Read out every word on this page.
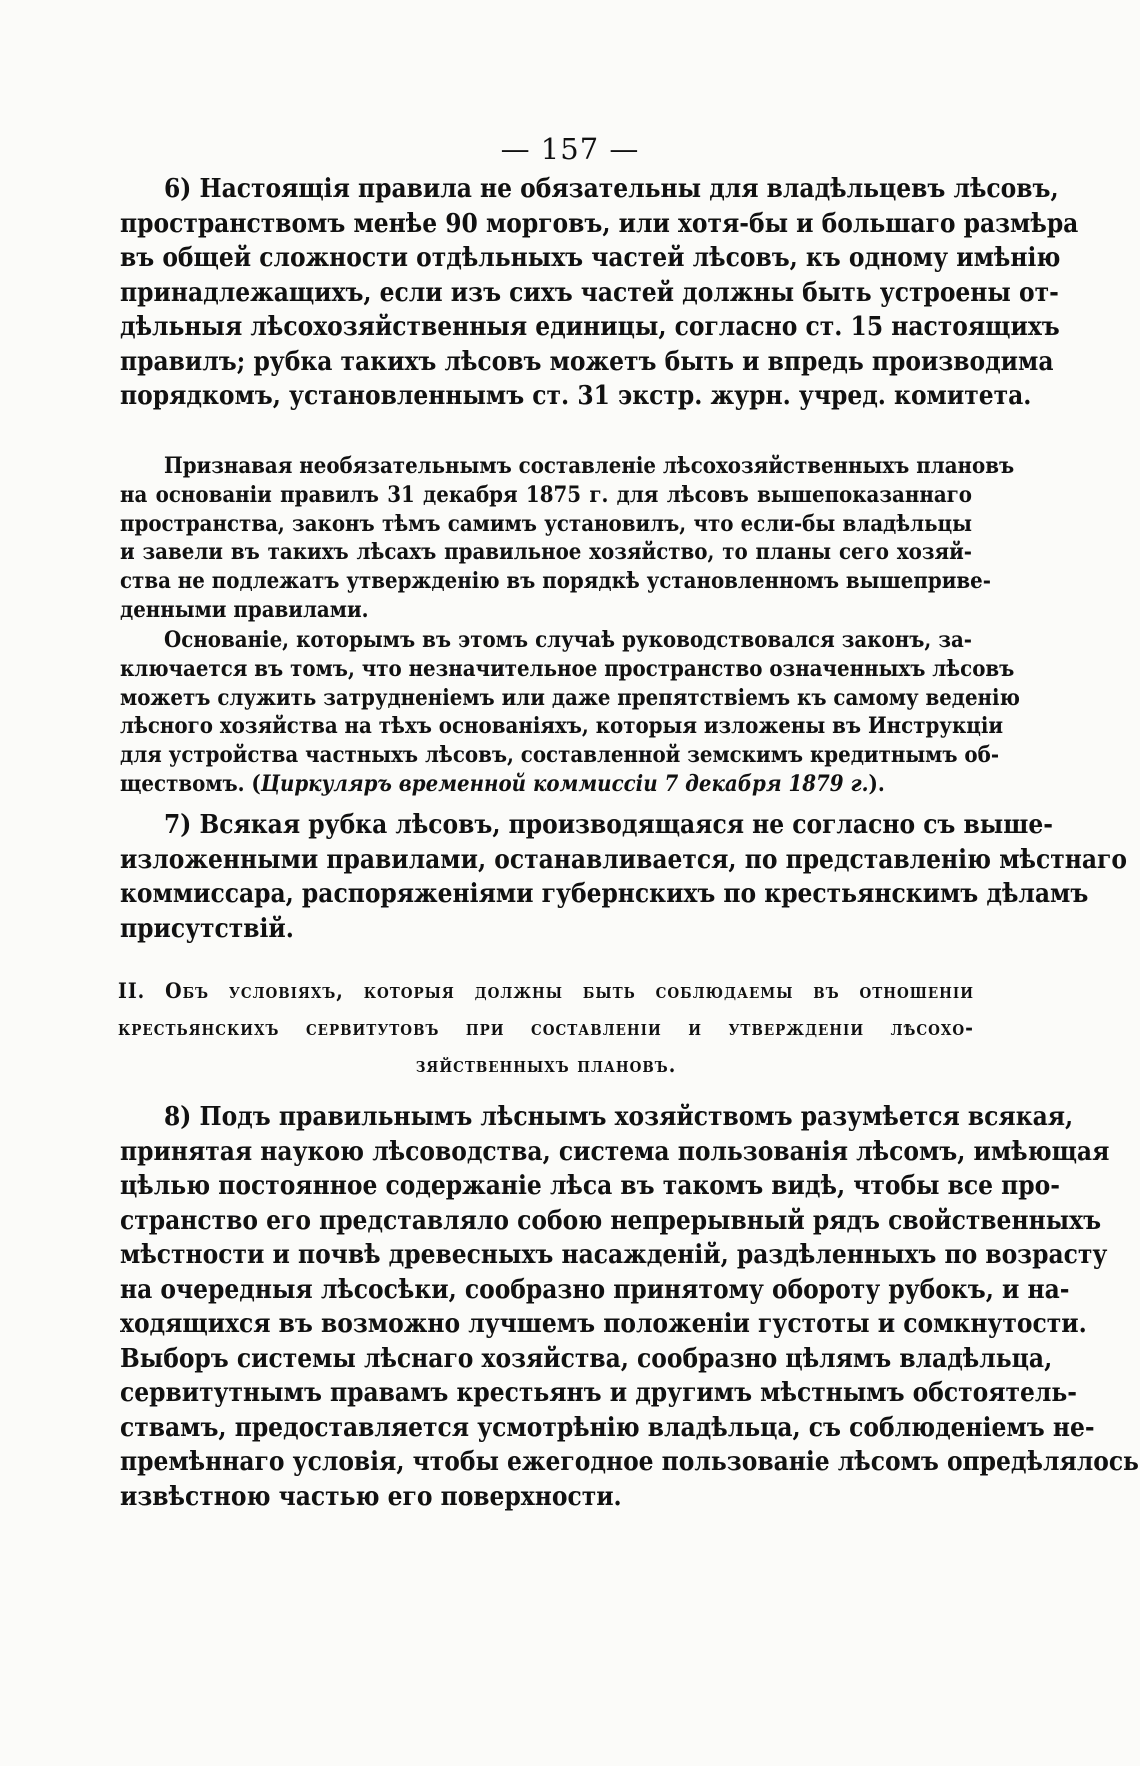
— 157 —

6) Настоящія правила не обязательны для владѣльцевъ лѣсовъ,
пространствомъ менѣе 90 морговъ, или хотя-бы и большаго размѣра
въ общей сложности отдѣльныхъ частей лѣсовъ, къ одному имѣнію
принадлежащихъ, если изъ сихъ частей должны быть устроены от-
дѣльныя лѣсохозяйственныя единицы, согласно ст. 15 настоящихъ
правилъ; рубка такихъ лѣсовъ можетъ быть и впредь производима
порядкомъ, установленнымъ ст. 31 экстр. журн. учред. комитета.
Признавая необязательнымъ составленіе лѣсохозяйственныхъ плановъ
на основаніи правилъ 31 декабря 1875 г. для лѣсовъ вышепоказаннаго
пространства, законъ тѣмъ самимъ установилъ, что если-бы владѣльцы
и завели въ такихъ лѣсахъ правильное хозяйство, то планы сего хозяй-
ства не подлежатъ утвержденію въ порядкѣ установленномъ вышеприве-
денными правилами.
Основаніе, которымъ въ этомъ случаѣ руководствовался законъ, за-
ключается въ томъ, что незначительное пространство означенныхъ лѣсовъ
можетъ служить затрудненіемъ или даже препятствіемъ къ самому веденію
лѣсного хозяйства на тѣхъ основаніяхъ, которыя изложены въ Инструкціи
для устройства частныхъ лѣсовъ, составленной земскимъ кредитнымъ об-
ществомъ. (Циркуляръ временной коммиссіи 7 декабря 1879 г.).
7) Всякая рубка лѣсовъ, производящаяся не согласно съ выше-
изложенными правилами, останавливается, по представленію мѣстнаго
коммиссара, распоряженіями губернскихъ по крестьянскимъ дѣламъ
присутствій.
II. Объ условіяхъ, которыя должны быть соблюдаемы въ отношеніи
крестьянскихъ сервитутовъ при составленіи и утвержденіи лѣсохо-
зяйственныхъ плановъ.
8) Подъ правильнымъ лѣснымъ хозяйствомъ разумѣется всякая,
принятая наукою лѣсоводства, система пользованія лѣсомъ, имѣющая
цѣлью постоянное содержаніе лѣса въ такомъ видѣ, чтобы все про-
странство его представляло собою непрерывный рядъ свойственныхъ
мѣстности и почвѣ древесныхъ насажденій, раздѣленныхъ по возрасту
на очередныя лѣсосѣки, сообразно принятому обороту рубокъ, и на-
ходящихся въ возможно лучшемъ положеніи густоты и сомкнутости.
Выборъ системы лѣснаго хозяйства, сообразно цѣлямъ владѣльца,
сервитутнымъ правамъ крестьянъ и другимъ мѣстнымъ обстоятель-
ствамъ, предоставляется усмотрѣнію владѣльца, съ соблюденіемъ не-
премѣннаго условія, чтобы ежегодное пользованіе лѣсомъ опредѣлялось
извѣстною частью его поверхности.
